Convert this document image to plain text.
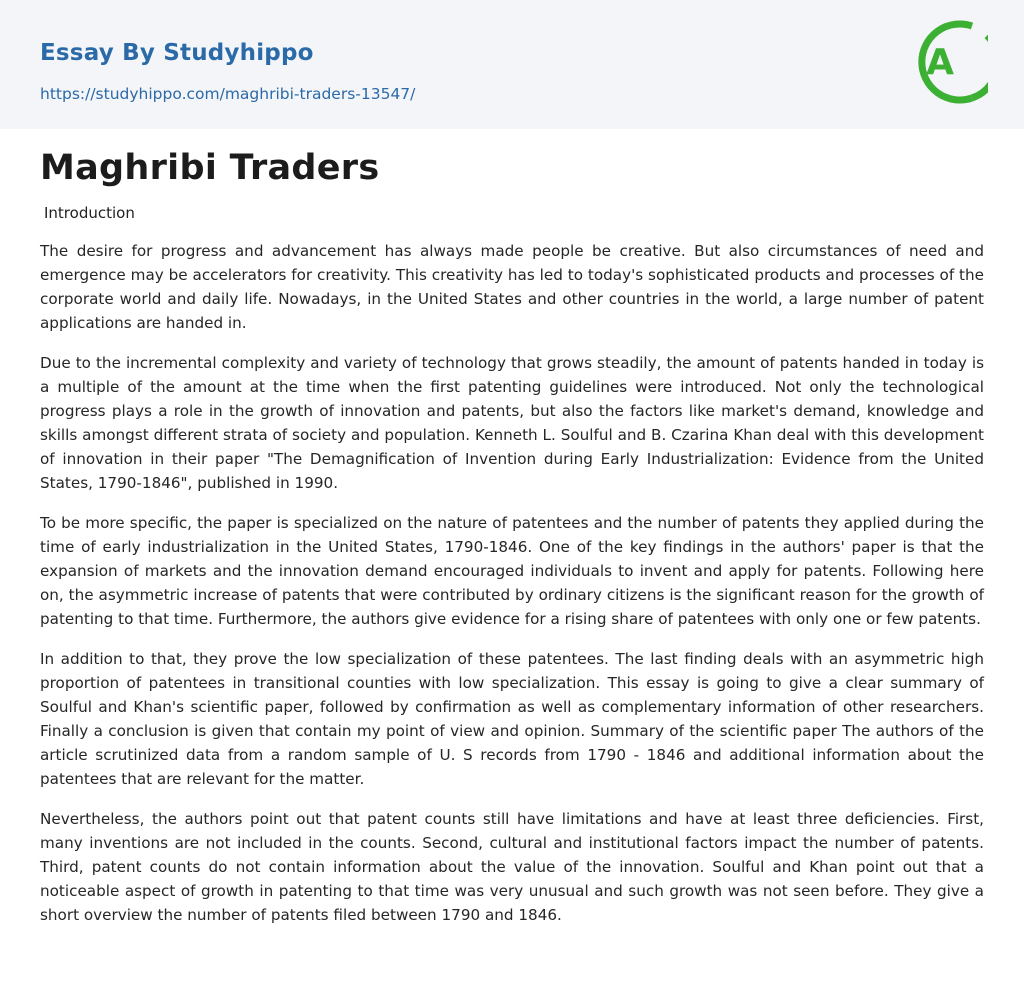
Essay By Studyhippo
https://studyhippo.com/maghribi-traders-13547/
A
Maghribi Traders
Introduction

The desire for progress and advancement has always made people be creative. But also circumstances of need and emergence may be accelerators for creativity. This creativity has led to today's sophisticated products and processes of the corporate world and daily life. Nowadays, in the United States and other countries in the world, a large number of patent applications are handed in.

Due to the incremental complexity and variety of technology that grows steadily, the amount of patents handed in today is a multiple of the amount at the time when the first patenting guidelines were introduced. Not only the technological progress plays a role in the growth of innovation and patents, but also the factors like market's demand, knowledge and skills amongst different strata of society and population. Kenneth L. Soulful and B. Czarina Khan deal with this development of innovation in their paper "The Demagnification of Invention during Early Industrialization: Evidence from the United States, 1790-1846", published in 1990.

To be more specific, the paper is specialized on the nature of patentees and the number of patents they applied during the time of early industrialization in the United States, 1790-1846. One of the key findings in the authors' paper is that the expansion of markets and the innovation demand encouraged individuals to invent and apply for patents. Following here on, the asymmetric increase of patents that were contributed by ordinary citizens is the significant reason for the growth of patenting to that time. Furthermore, the authors give evidence for a rising share of patentees with only one or few patents.

In addition to that, they prove the low specialization of these patentees. The last finding deals with an asymmetric high proportion of patentees in transitional counties with low specialization. This essay is going to give a clear summary of Soulful and Khan's scientific paper, followed by confirmation as well as complementary information of other researchers. Finally a conclusion is given that contain my point of view and opinion. Summary of the scientific paper The authors of the article scrutinized data from a random sample of U. S records from 1790 - 1846 and additional information about the patentees that are relevant for the matter.

Nevertheless, the authors point out that patent counts still have limitations and have at least three deficiencies. First, many inventions are not included in the counts. Second, cultural and institutional factors impact the number of patents. Third, patent counts do not contain information about the value of the innovation. Soulful and Khan point out that a noticeable aspect of growth in patenting to that time was very unusual and such growth was not seen before. They give a short overview the number of patents filed between 1790 and 1846.
